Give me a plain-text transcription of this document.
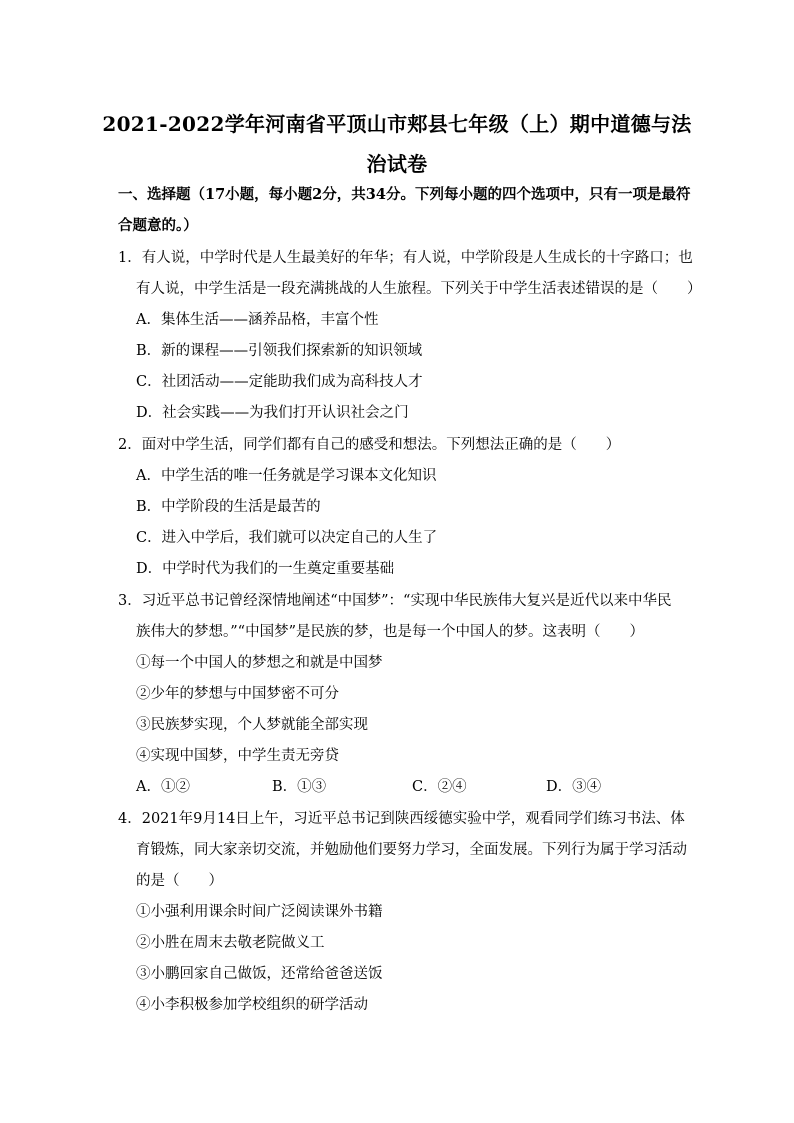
2021-2022学年河南省平顶山市郏县七年级（上）期中道德与法
治试卷
一、选择题（17小题，每小题2分，共34分。下列每小题的四个选项中，只有一项是最符
合题意的。）
1．有人说，中学时代是人生最美好的年华；有人说，中学阶段是人生成长的十字路口；也
有人说，中学生活是一段充满挑战的人生旅程。下列关于中学生活表述错误的是（　　）
A．集体生活——涵养品格，丰富个性
B．新的课程——引领我们探索新的知识领域
C．社团活动——定能助我们成为高科技人才
D．社会实践——为我们打开认识社会之门
2．面对中学生活，同学们都有自己的感受和想法。下列想法正确的是（　　）
A．中学生活的唯一任务就是学习课本文化知识
B．中学阶段的生活是最苦的
C．进入中学后，我们就可以决定自己的人生了
D．中学时代为我们的一生奠定重要基础
3．习近平总书记曾经深情地阐述“中国梦”：“实现中华民族伟大复兴是近代以来中华民
族伟大的梦想。”“中国梦”是民族的梦，也是每一个中国人的梦。这表明（　　）
①每一个中国人的梦想之和就是中国梦
②少年的梦想与中国梦密不可分
③民族梦实现，个人梦就能全部实现
④实现中国梦，中学生责无旁贷
A．①②	B．①③	C．②④	D．③④
4．2021年9月14日上午，习近平总书记到陕西绥德实验中学，观看同学们练习书法、体
育锻炼，同大家亲切交流，并勉励他们要努力学习，全面发展。下列行为属于学习活动
的是（　　）
①小强利用课余时间广泛阅读课外书籍
②小胜在周末去敬老院做义工
③小鹏回家自己做饭，还常给爸爸送饭
④小李积极参加学校组织的研学活动
